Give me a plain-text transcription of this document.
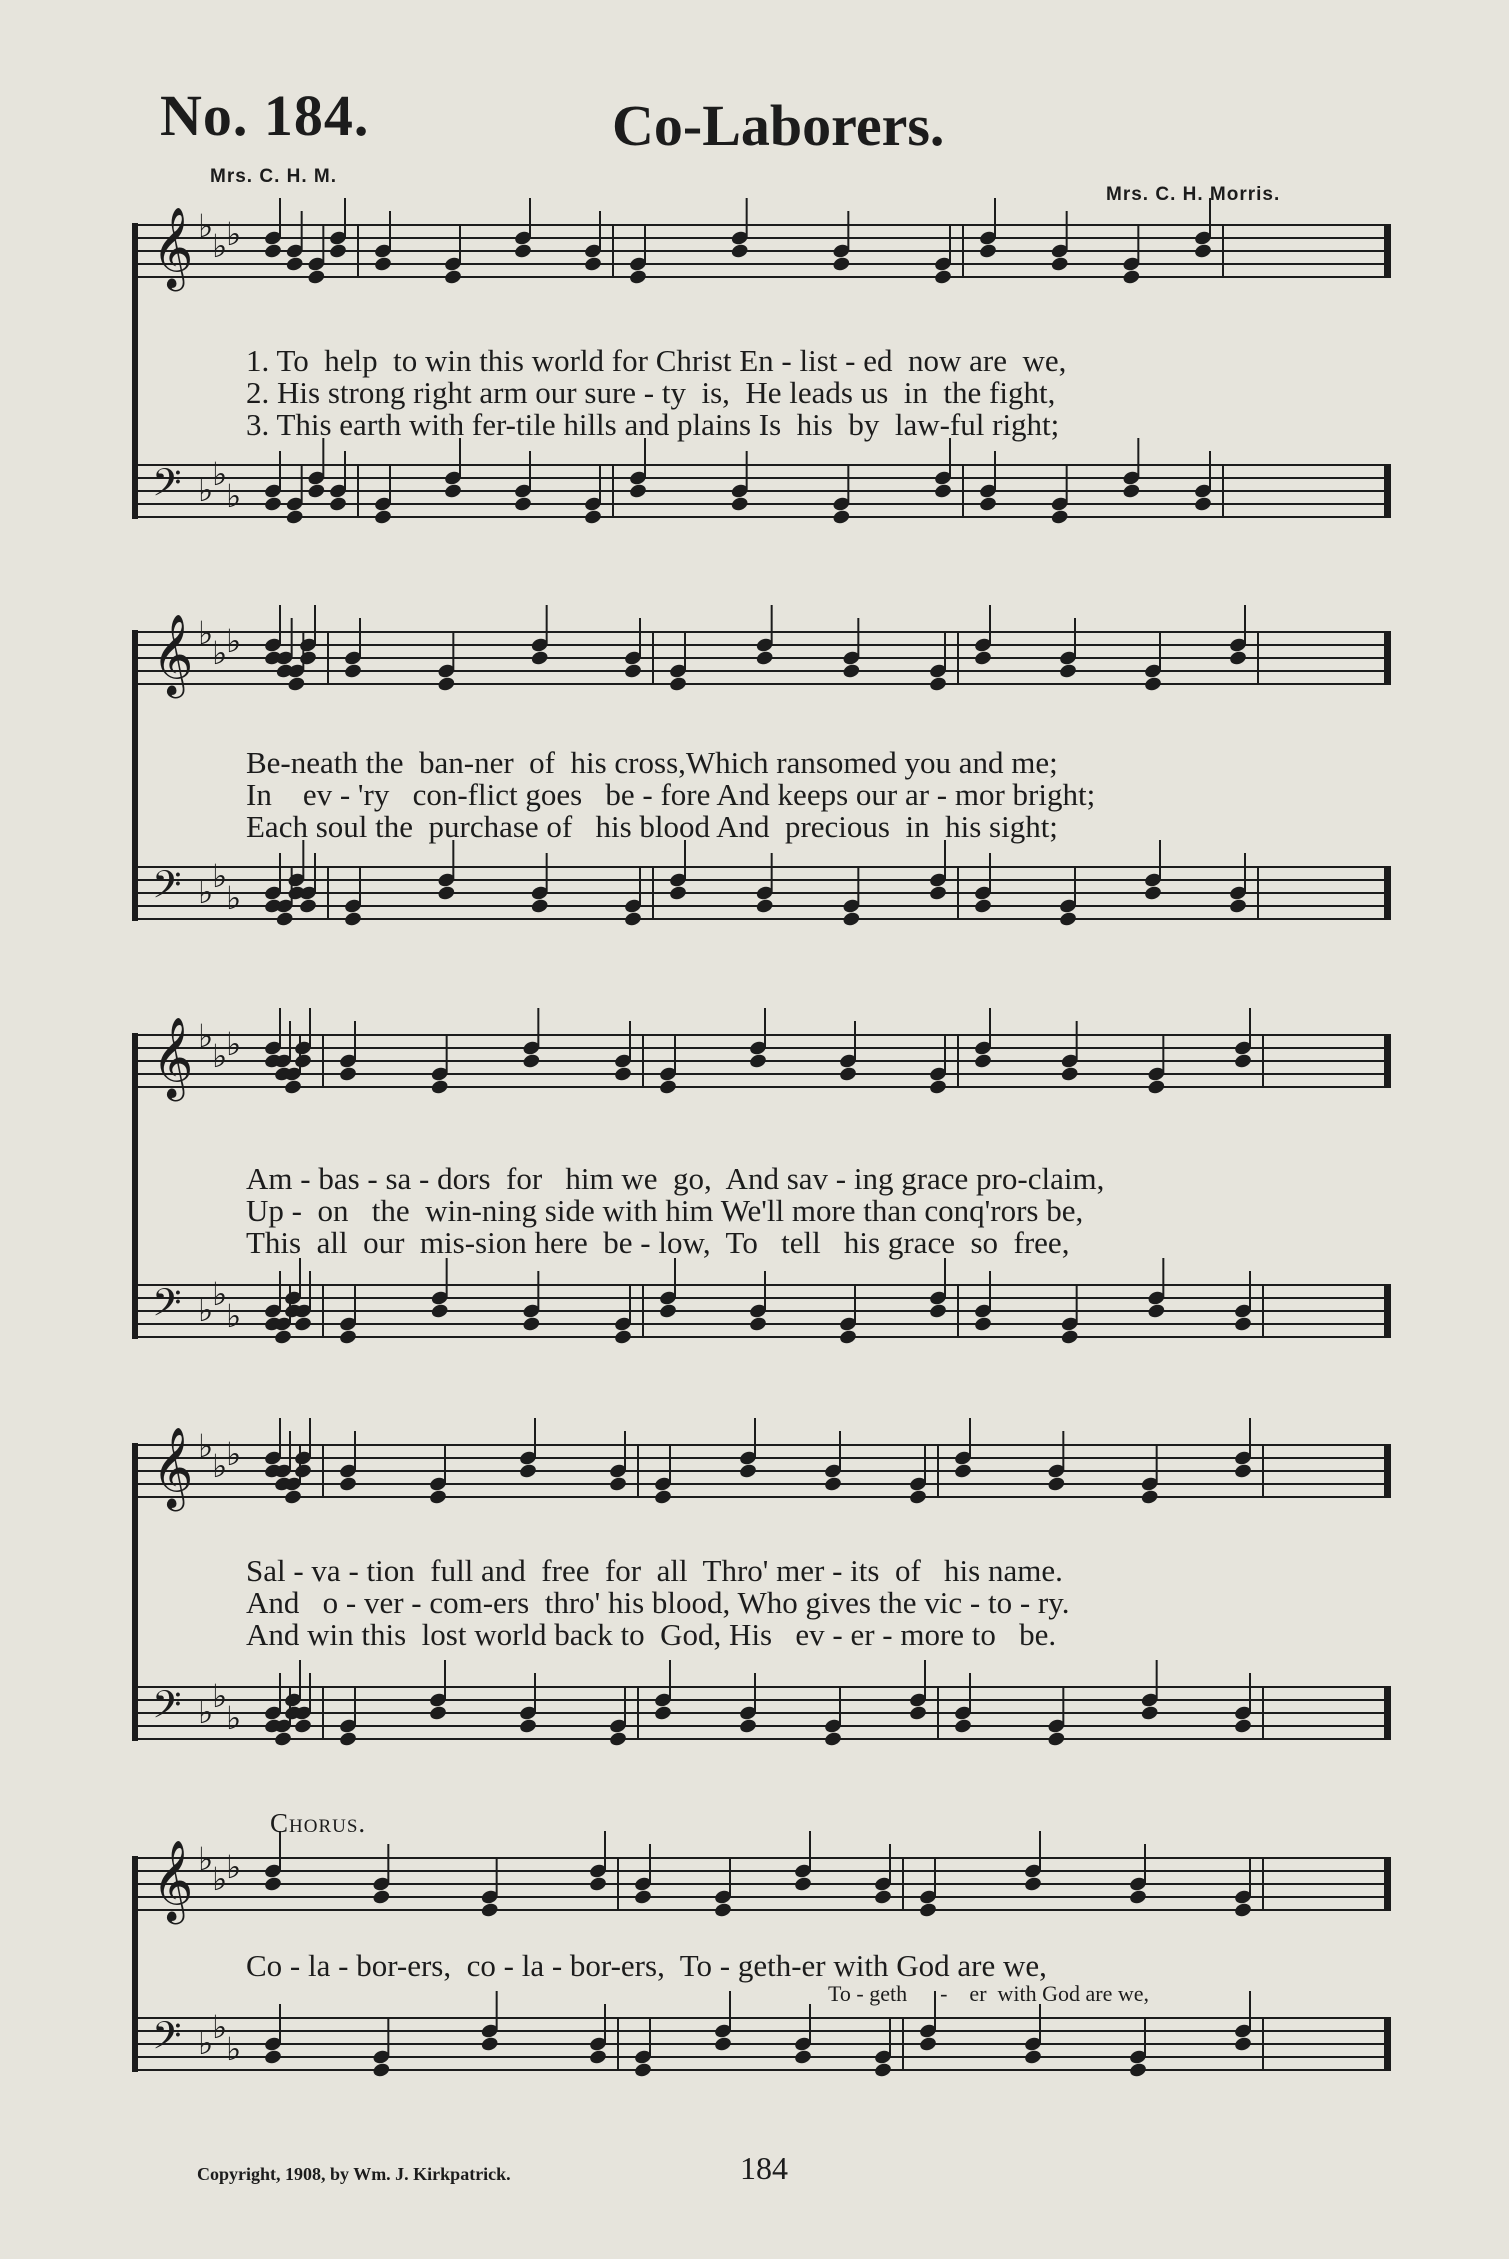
No. 184.	Co-Laborers.
Mrs. C. H. M.
Mrs. C. H. Morris.
𝄞 ♭
♭
♭
𝄢 ♭
♭
♭
1. To  help  to win this world for Christ En - list - ed  now are  we,
2. His strong right arm our sure - ty  is,  He leads us  in  the fight,
3. This earth with fer-tile hills and plains Is  his  by  law-ful right;
𝄞 ♭
♭
♭
𝄢 ♭
♭
♭
Be-neath the  ban-ner  of  his cross,Which ransomed you and me;
In    ev - 'ry   con-flict goes   be - fore And keeps our ar - mor bright;
Each soul the  purchase of   his blood And  precious  in  his sight;
𝄞 ♭
♭
♭
𝄢 ♭
♭
♭
Am - bas - sa - dors  for   him we  go,  And sav - ing grace pro-claim,
Up -  on   the  win-ning side with him We'll more than conq'rors be,
This  all  our  mis-sion here  be - low,  To   tell   his grace  so  free,
𝄞 ♭
♭
♭
𝄢 ♭
♭
♭
Sal - va - tion  full and  free  for  all  Thro' mer - its  of   his name.
And   o - ver - com-ers  thro' his blood, Who gives the vic - to - ry.
And win this  lost world back to  God, His   ev - er - more to   be.
Chorus.
𝄞 ♭
♭
♭
𝄢 ♭
♭
♭
Co - la - bor-ers,  co - la - bor-ers,  To - geth-er with God are we,
To - geth      -    er  with God are we,
Copyright, 1908, by Wm. J. Kirkpatrick.	184
